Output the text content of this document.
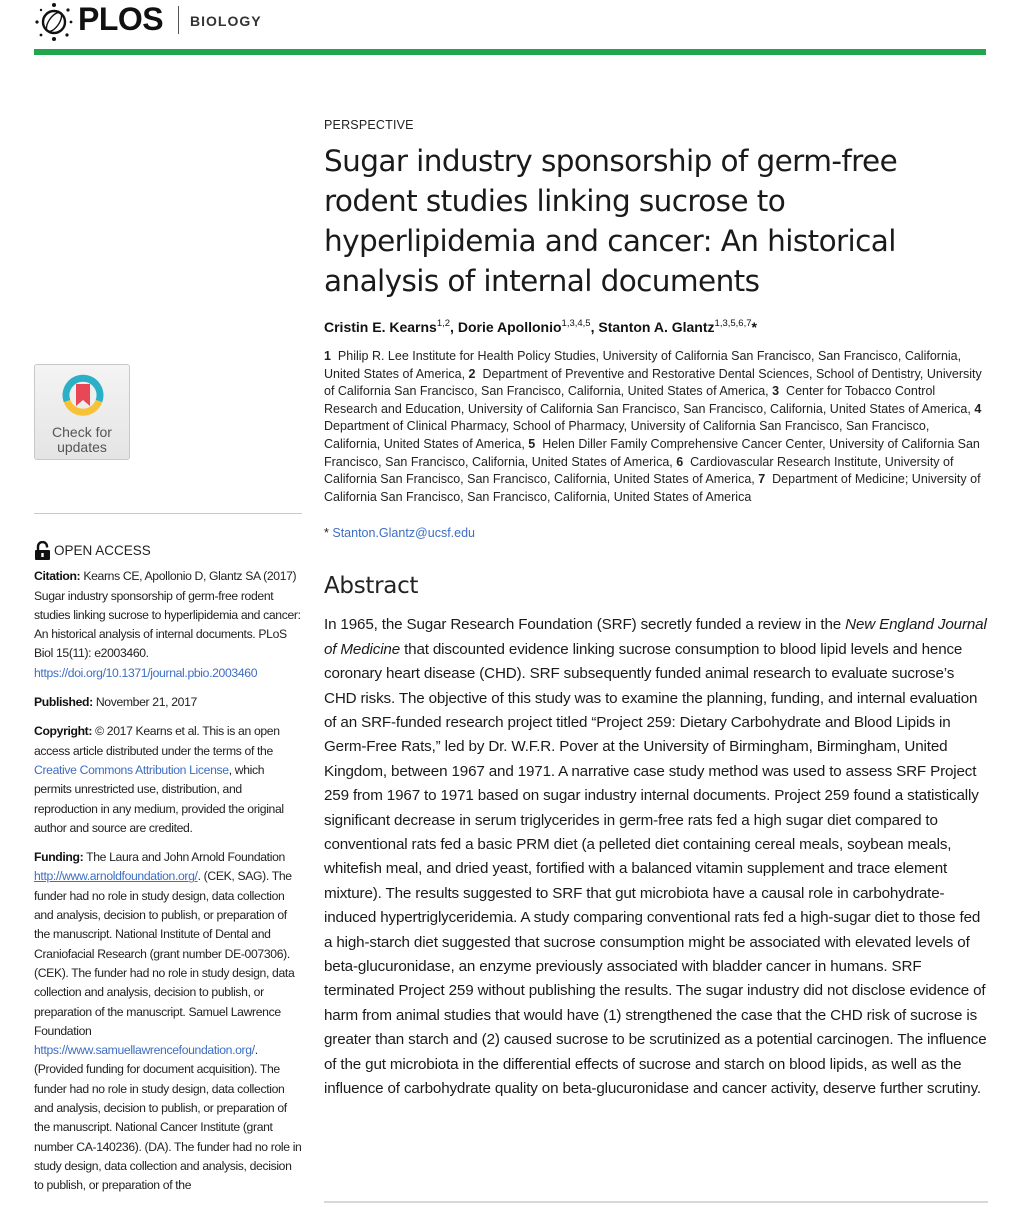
PLOS BIOLOGY
Check for
updates
OPEN ACCESS
Citation: Kearns CE, Apollonio D, Glantz SA (2017) Sugar industry sponsorship of germ-free rodent studies linking sucrose to hyperlipidemia and cancer: An historical analysis of internal documents. PLoS Biol 15(11): e2003460. https://doi.org/10.1371/journal.pbio.2003460
Published: November 21, 2017
Copyright: © 2017 Kearns et al. This is an open access article distributed under the terms of the Creative Commons Attribution License, which permits unrestricted use, distribution, and reproduction in any medium, provided the original author and source are credited.
Funding: The Laura and John Arnold Foundation http://www.arnoldfoundation.org/. (CEK, SAG). The funder had no role in study design, data collection and analysis, decision to publish, or preparation of the manuscript. National Institute of Dental and Craniofacial Research (grant number DE-007306). (CEK). The funder had no role in study design, data collection and analysis, decision to publish, or preparation of the manuscript. Samuel Lawrence Foundation https://www.samuellawrencefoundation.org/. (Provided funding for document acquisition). The funder had no role in study design, data collection and analysis, decision to publish, or preparation of the manuscript. National Cancer Institute (grant number CA-140236). (DA). The funder had no role in study design, data collection and analysis, decision to publish, or preparation of the
PERSPECTIVE
Sugar industry sponsorship of germ-free rodent studies linking sucrose to hyperlipidemia and cancer: An historical analysis of internal documents
Cristin E. Kearns$^{1,2}$, Dorie Apollonio$^{1,3,4,5}$, Stanton A. Glantz$^{1,3,5,6,7}$*
1 Philip R. Lee Institute for Health Policy Studies, University of California San Francisco, San Francisco, California, United States of America, 2 Department of Preventive and Restorative Dental Sciences, School of Dentistry, University of California San Francisco, San Francisco, California, United States of America, 3 Center for Tobacco Control Research and Education, University of California San Francisco, San Francisco, California, United States of America, 4  Department of Clinical Pharmacy, School of Pharmacy, University of California San Francisco, San Francisco, California, United States of America, 5 Helen Diller Family Comprehensive Cancer Center, University of California San Francisco, San Francisco, California, United States of America, 6 Cardiovascular Research Institute, University of California San Francisco, San Francisco, California, United States of America, 7 Department of Medicine; University of California San Francisco, San Francisco, California, United States of America
* Stanton.Glantz@ucsf.edu
Abstract
In 1965, the Sugar Research Foundation (SRF) secretly funded a review in the New England Journal of Medicine that discounted evidence linking sucrose consumption to blood lipid levels and hence coronary heart disease (CHD). SRF subsequently funded animal research to evaluate sucrose’s CHD risks. The objective of this study was to examine the planning, funding, and internal evaluation of an SRF-funded research project titled “Project 259: Dietary Carbohydrate and Blood Lipids in Germ-Free Rats,” led by Dr. W.F.R. Pover at the University of Birmingham, Birmingham, United Kingdom, between 1967 and 1971. A narrative case study method was used to assess SRF Project 259 from 1967 to 1971 based on sugar industry internal documents. Project 259 found a statistically significant decrease in serum triglycerides in germ-free rats fed a high sugar diet compared to conventional rats fed a basic PRM diet (a pelleted diet containing cereal meals, soybean meals, whitefish meal, and dried yeast, fortified with a balanced vitamin supplement and trace element mixture). The results suggested to SRF that gut microbiota have a causal role in carbohydrate-induced hypertriglyceridemia. A study comparing conventional rats fed a high-sugar diet to those fed a high-starch diet suggested that sucrose consumption might be associated with elevated levels of beta-glucuronidase, an enzyme previously associated with bladder cancer in humans. SRF terminated Project 259 without publishing the results. The sugar industry did not disclose evidence of harm from animal studies that would have (1) strengthened the case that the CHD risk of sucrose is greater than starch and (2) caused sucrose to be scrutinized as a potential carcinogen. The influence of the gut microbiota in the differential effects of sucrose and starch on blood lipids, as well as the influence of carbohydrate quality on beta-glucuronidase and cancer activity, deserve further scrutiny.
